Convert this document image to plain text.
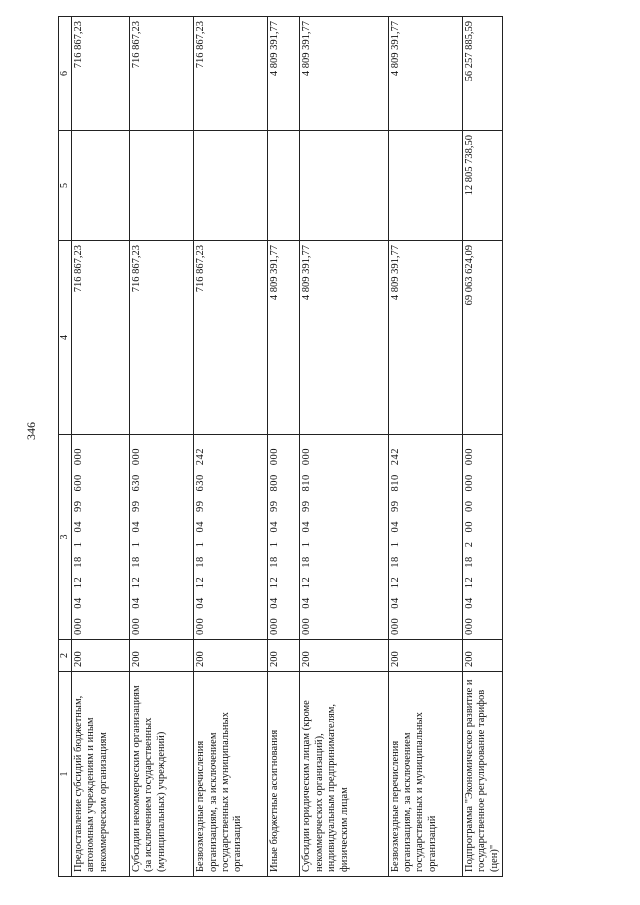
346
1	2	3	4	5	6
Предоставление субсидий бюджетным, автономным учреждениям и иным некоммерческим организациям	200	00004121810499600000	716 867,23		716 867,23
Субсидии некоммерческим организациям (за исключением государственных (муниципальных) учреждений)	200	00004121810499630000	716 867,23		716 867,23
Безвозмездные перечисления организациям, за исключением государственных и муниципальных организаций	200	00004121810499630242	716 867,23		716 867,23
Иные бюджетные ассигнования	200	00004121810499800000	4 809 391,77		4 809 391,77
Субсидии юридическим лицам (кроме некоммерческих организаций), индивидуальным предпринимателям, физическим лицам	200	00004121810499810000	4 809 391,77		4 809 391,77
Безвозмездные перечисления организациям, за исключением государственных и муниципальных организаций	200	00004121810499810242	4 809 391,77		4 809 391,77
Подпрограмма "Экономическое развитие и государственное регулирование тарифов (цен)"	200	00004121820000000000	69 063 624,09	12 805 738,50	56 257 885,59
